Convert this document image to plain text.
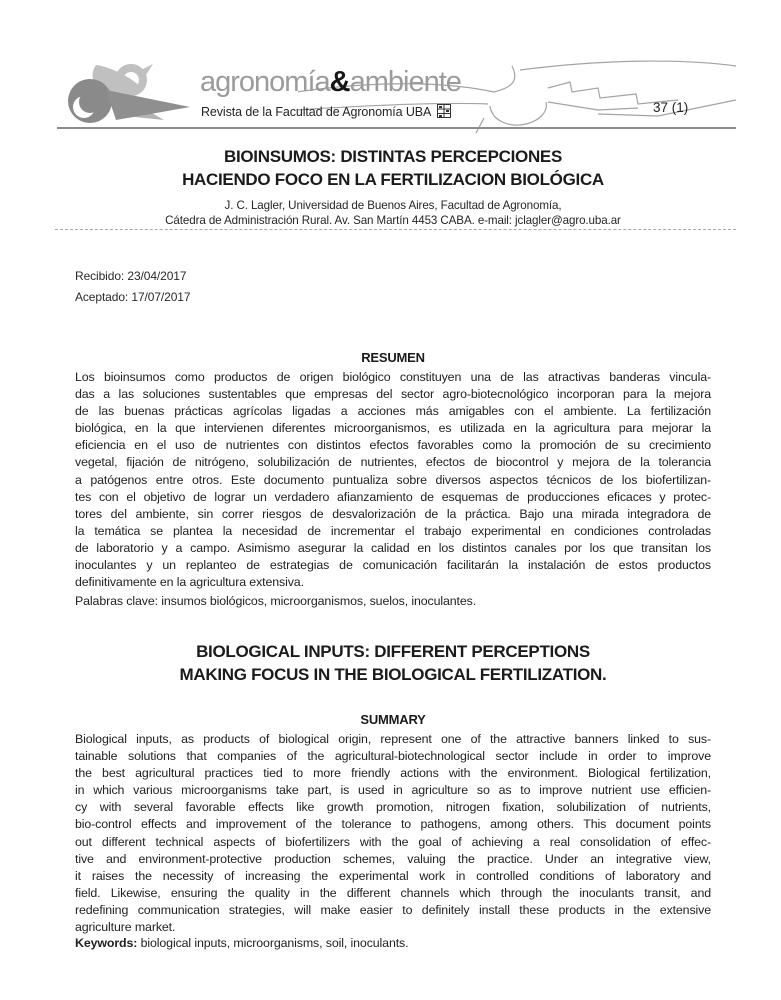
agronomía&ambiente
Revista de la Facultad de Agronomía UBA	37 (1)
BIOINSUMOS: DISTINTAS PERCEPCIONES
HACIENDO FOCO EN LA FERTILIZACION BIOLÓGICA
J. C. Lagler, Universidad de Buenos Aires, Facultad de Agronomía,
Cátedra de Administración Rural. Av. San Martín 4453 CABA. e-mail: jclagler@agro.uba.ar
Recibido: 23/04/2017
Aceptado: 17/07/2017
RESUMEN
Los bioinsumos como productos de origen biológico constituyen una de las atractivas banderas vincula-
das a las soluciones sustentables que empresas del sector agro-biotecnológico incorporan para la mejora
de las buenas prácticas agrícolas ligadas a acciones más amigables con el ambiente. La fertilización
biológica, en la que intervienen diferentes microorganismos, es utilizada en la agricultura para mejorar la
eficiencia en el uso de nutrientes con distintos efectos favorables como la promoción de su crecimiento
vegetal, fijación de nitrógeno, solubilización de nutrientes, efectos de biocontrol y mejora de la tolerancia
a patógenos entre otros. Este documento puntualiza sobre diversos aspectos técnicos de los biofertilizan-
tes con el objetivo de lograr un verdadero afianzamiento de esquemas de producciones eficaces y protec-
tores del ambiente, sin correr riesgos de desvalorización de la práctica. Bajo una mirada integradora de
la temática se plantea la necesidad de incrementar el trabajo experimental en condiciones controladas
de laboratorio y a campo. Asimismo asegurar la calidad en los distintos canales por los que transitan los
inoculantes y un replanteo de estrategias de comunicación facilitarán la instalación de estos productos
definitivamente en la agricultura extensiva.
Palabras clave: insumos biológicos, microorganismos, suelos, inoculantes.
BIOLOGICAL INPUTS: DIFFERENT PERCEPTIONS
MAKING FOCUS IN THE BIOLOGICAL FERTILIZATION.
SUMMARY
Biological inputs, as products of biological origin, represent one of the attractive banners linked to sus-
tainable solutions that companies of the agricultural-biotechnological sector include in order to improve
the best agricultural practices tied to more friendly actions with the environment. Biological fertilization,
in which various microorganisms take part, is used in agriculture so as to improve nutrient use efficien-
cy with several favorable effects like growth promotion, nitrogen fixation, solubilization of nutrients,
bio-control effects and improvement of the tolerance to pathogens, among others. This document points
out different technical aspects of biofertilizers with the goal of achieving a real consolidation of effec-
tive and environment-protective production schemes, valuing the practice. Under an integrative view,
it raises the necessity of increasing the experimental work in controlled conditions of laboratory and
field. Likewise, ensuring the quality in the different channels which through the inoculants transit, and
redefining communication strategies, will make easier to definitely install these products in the extensive
agriculture market.
Keywords: biological inputs, microorganisms, soil, inoculants.
